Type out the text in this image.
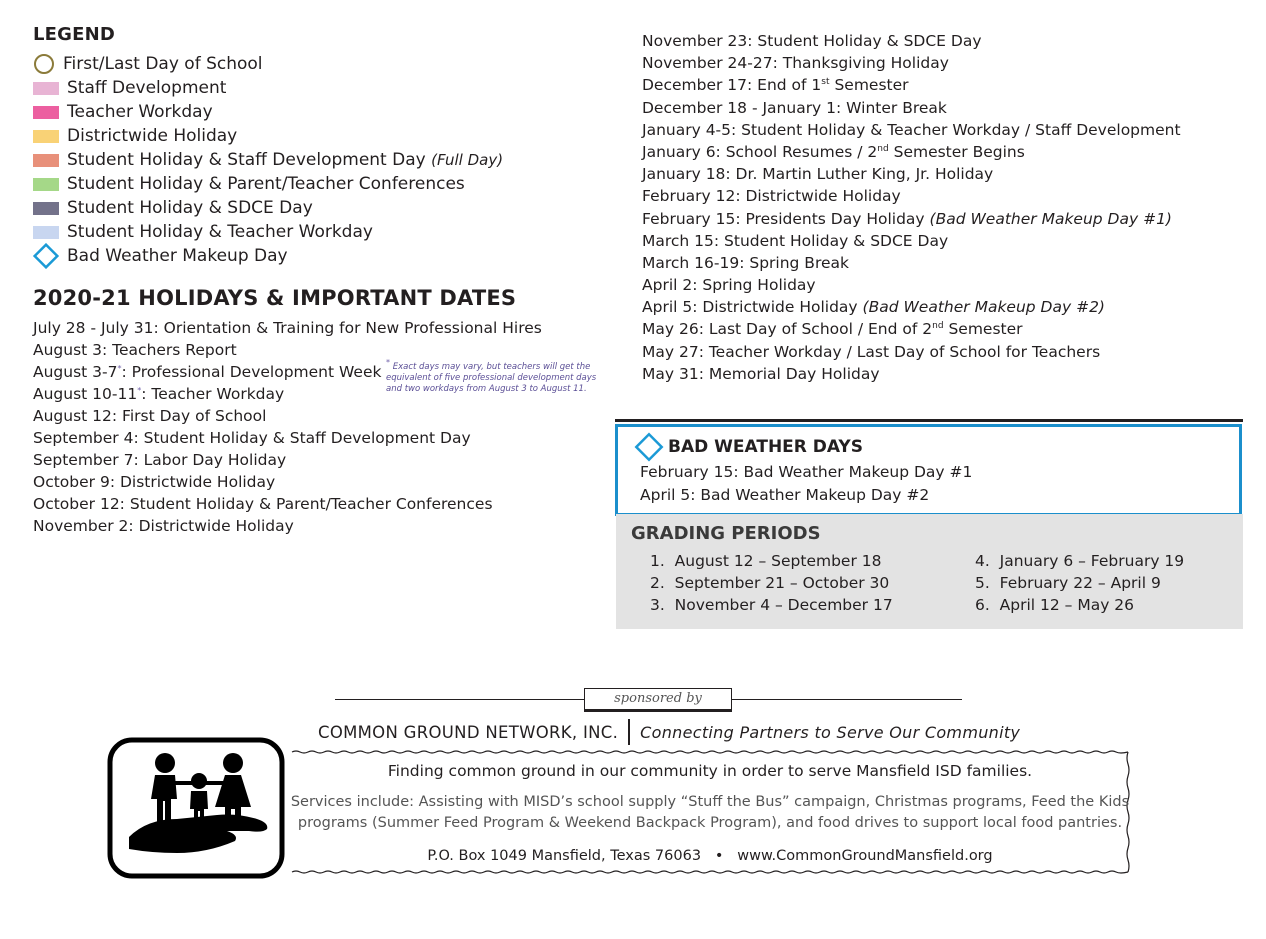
LEGEND
First/Last Day of School
Staff Development
Teacher Workday
Districtwide Holiday
Student Holiday & Staff Development Day
(Full Day)
Student Holiday & Parent/Teacher Conferences
Student Holiday & SDCE Day
Student Holiday & Teacher Workday
Bad Weather Makeup Day
2020-21 HOLIDAYS & IMPORTANT DATES
July 28 - July 31: Orientation & Training for New Professional Hires
August 3: Teachers Report
August 3-7*: Professional Development Week
August 10-11*: Teacher Workday
August 12: First Day of School
September 4: Student Holiday & Staff Development Day
September 7: Labor Day Holiday
October 9: Districtwide Holiday
October 12: Student Holiday & Parent/Teacher Conferences
November 2: Districtwide Holiday
* Exact days may vary, but teachers will get the equivalent of five professional development days and two workdays from August 3 to August 11.
November 23: Student Holiday & SDCE Day
November 24-27: Thanksgiving Holiday
December 17: End of 1st Semester
December 18 - January 1: Winter Break
January 4-5: Student Holiday & Teacher Workday / Staff Development
January 6: School Resumes / 2nd Semester Begins
January 18: Dr. Martin Luther King, Jr. Holiday
February 12: Districtwide Holiday
February 15: Presidents Day Holiday (Bad Weather Makeup Day #1)
March 15: Student Holiday & SDCE Day
March 16-19: Spring Break
April 2: Spring Holiday
April 5: Districtwide Holiday (Bad Weather Makeup Day #2)
May 26: Last Day of School / End of 2nd Semester
May 27: Teacher Workday / Last Day of School for Teachers
May 31: Memorial Day Holiday
BAD WEATHER DAYS
February 15: Bad Weather Makeup Day #1
April 5: Bad Weather Makeup Day #2
GRADING PERIODS
1. August 12 – September 18
2. September 21 – October 30
3. November 4 – December 17
4. January 6 – February 19
5. February 22 – April 9
6. April 12 – May 26
sponsored by
COMMON GROUND NETWORK, INC. Connecting Partners to Serve Our Community
Finding common ground in our community in order to serve Mansfield ISD families.
Services include: Assisting with MISD’s school supply “Stuff the Bus” campaign, Christmas programs, Feed the Kids
programs (Summer Feed Program & Weekend Backpack Program), and food drives to support local food pantries.
P.O. Box 1049 Mansfield, Texas 76063 • www.CommonGroundMansfield.org
